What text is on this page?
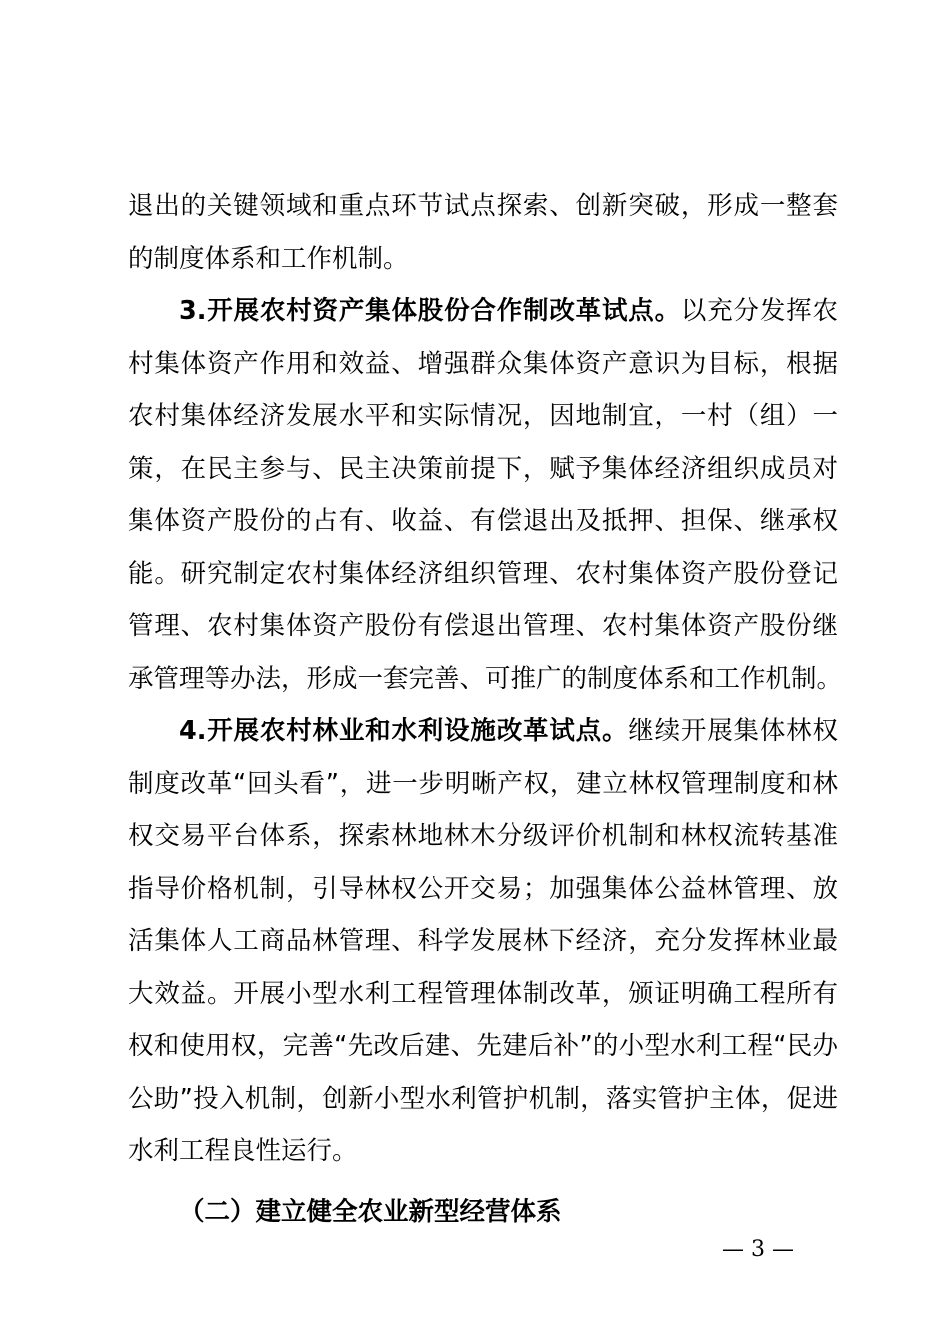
退出的关键领域和重点环节试点探索、创新突破，形成一整套
的制度体系和工作机制。
3.开展农村资产集体股份合作制改革试点。以充分发挥农
村集体资产作用和效益、增强群众集体资产意识为目标，根据
农村集体经济发展水平和实际情况，因地制宜，一村（组）一
策，在民主参与、民主决策前提下，赋予集体经济组织成员对
集体资产股份的占有、收益、有偿退出及抵押、担保、继承权
能。研究制定农村集体经济组织管理、农村集体资产股份登记
管理、农村集体资产股份有偿退出管理、农村集体资产股份继
承管理等办法，形成一套完善、可推广的制度体系和工作机制。
4.开展农村林业和水利设施改革试点。继续开展集体林权
制度改革“回头看”，进一步明晰产权，建立林权管理制度和林
权交易平台体系，探索林地林木分级评价机制和林权流转基准
指导价格机制，引导林权公开交易；加强集体公益林管理、放
活集体人工商品林管理、科学发展林下经济，充分发挥林业最
大效益。开展小型水利工程管理体制改革，颁证明确工程所有
权和使用权，完善“先改后建、先建后补”的小型水利工程“民办
公助”投入机制，创新小型水利管护机制，落实管护主体，促进
水利工程良性运行。
（二）建立健全农业新型经营体系
— 3 —
